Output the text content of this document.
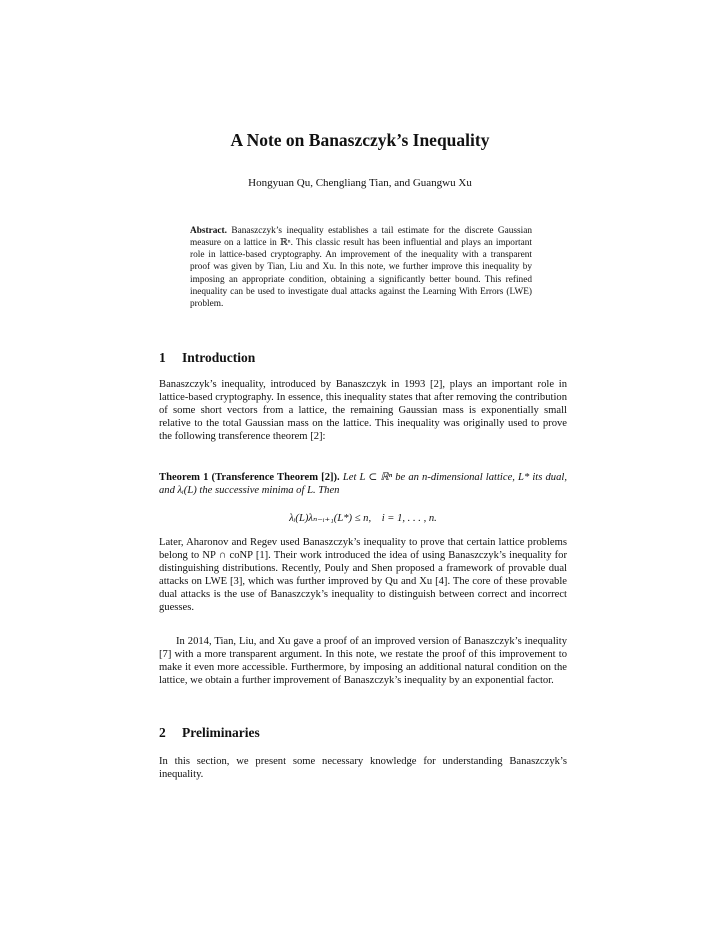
A Note on Banaszczyk’s Inequality
Hongyuan Qu, Chengliang Tian, and Guangwu Xu

Abstract. Banaszczyk’s inequality establishes a tail estimate for the discrete Gaussian measure on a lattice in ℝⁿ. This classic result has been influential and plays an important role in lattice-based cryptography. An improvement of the inequality with a transparent proof was given by Tian, Liu and Xu. In this note, we further improve this inequality by imposing an appropriate condition, obtaining a significantly better bound. This refined inequality can be used to investigate dual attacks against the Learning With Errors (LWE) problem.

1 Introduction

Banaszczyk’s inequality, introduced by Banaszczyk in 1993 [2], plays an important role in lattice-based cryptography. In essence, this inequality states that after removing the contribution of some short vectors from a lattice, the remaining Gaussian mass is exponentially small relative to the total Gaussian mass on the lattice. This inequality was originally used to prove the following transference theorem [2]:

Theorem 1 (Transference Theorem [2]). Let L ⊂ ℝⁿ be an n-dimensional lattice, L* its dual, and λᵢ(L) the successive minima of L. Then

λᵢ(L)λₙ₋ᵢ₊₁(L*) ≤ n,    i = 1, . . . , n.

Later, Aharonov and Regev used Banaszczyk’s inequality to prove that certain lattice problems belong to NP ∩ coNP [1]. Their work introduced the idea of using Banaszczyk’s inequality for distinguishing distributions. Recently, Pouly and Shen proposed a framework of provable dual attacks on LWE [3], which was further improved by Qu and Xu [4]. The core of these provable dual attacks is the use of Banaszczyk’s inequality to distinguish between correct and incorrect guesses.

In 2014, Tian, Liu, and Xu gave a proof of an improved version of Banaszczyk’s inequality [7] with a more transparent argument. In this note, we restate the proof of this improvement to make it even more accessible. Furthermore, by imposing an additional natural condition on the lattice, we obtain a further improvement of Banaszczyk’s inequality by an exponential factor.

2 Preliminaries

In this section, we present some necessary knowledge for understanding Banaszczyk’s inequality.
